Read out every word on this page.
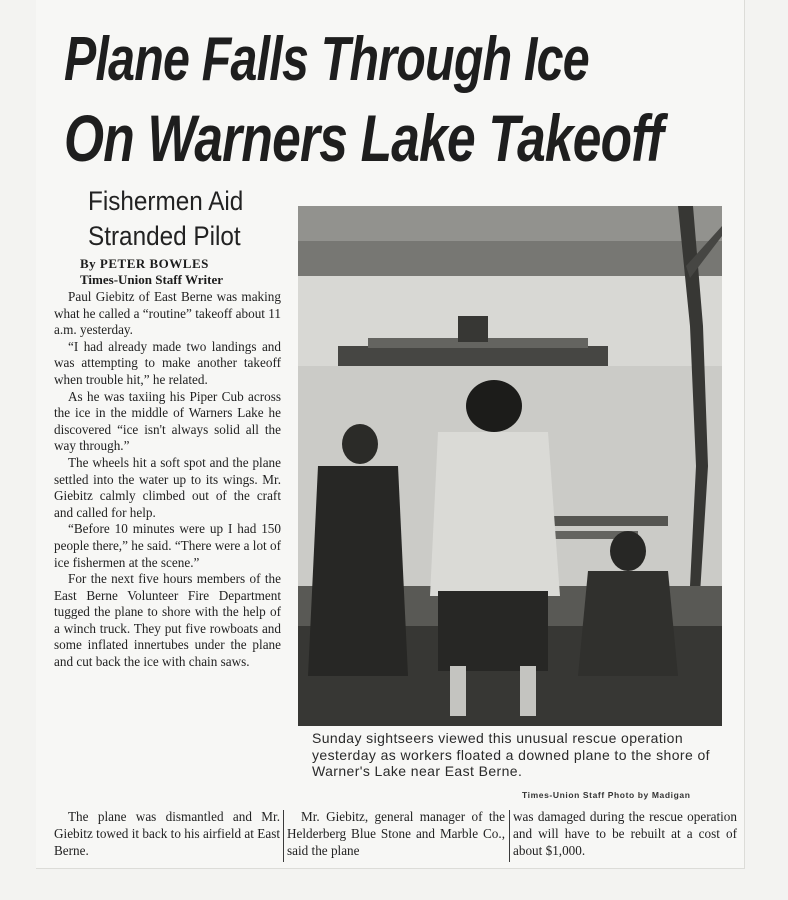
Plane Falls Through Ice
On Warners Lake Takeoff
Fishermen Aid
Stranded Pilot
By PETER BOWLES
Times-Union Staff Writer

Paul Giebitz of East Berne was making what he called a “routine” takeoff about 11 a.m. yesterday.

“I had already made two landings and was attempting to make another takeoff when trouble hit,” he related.

As he was taxiing his Piper Cub across the ice in the middle of Warners Lake he discovered “ice isn't always solid all the way through.”

The wheels hit a soft spot and the plane settled into the water up to its wings. Mr. Giebitz calmly climbed out of the craft and called for help.

“Before 10 minutes were up I had 150 people there,” he said. “There were a lot of ice fishermen at the scene.”

For the next five hours members of the East Berne Volunteer Fire Department tugged the plane to shore with the help of a winch truck. They put five rowboats and some inflated innertubes under the plane and cut back the ice with chain saws.

Sunday sightseers viewed this unusual rescue operation yesterday as workers floated a downed plane to the shore of Warner's Lake near East Berne.
Times-Union Staff Photo by Madigan

The plane was dismantled and Mr. Giebitz towed it back to his airfield at East Berne.

Mr. Giebitz, general manager of the Helderberg Blue Stone and Marble Co., said the plane

was damaged during the rescue operation and will have to be rebuilt at a cost of about $1,000.
